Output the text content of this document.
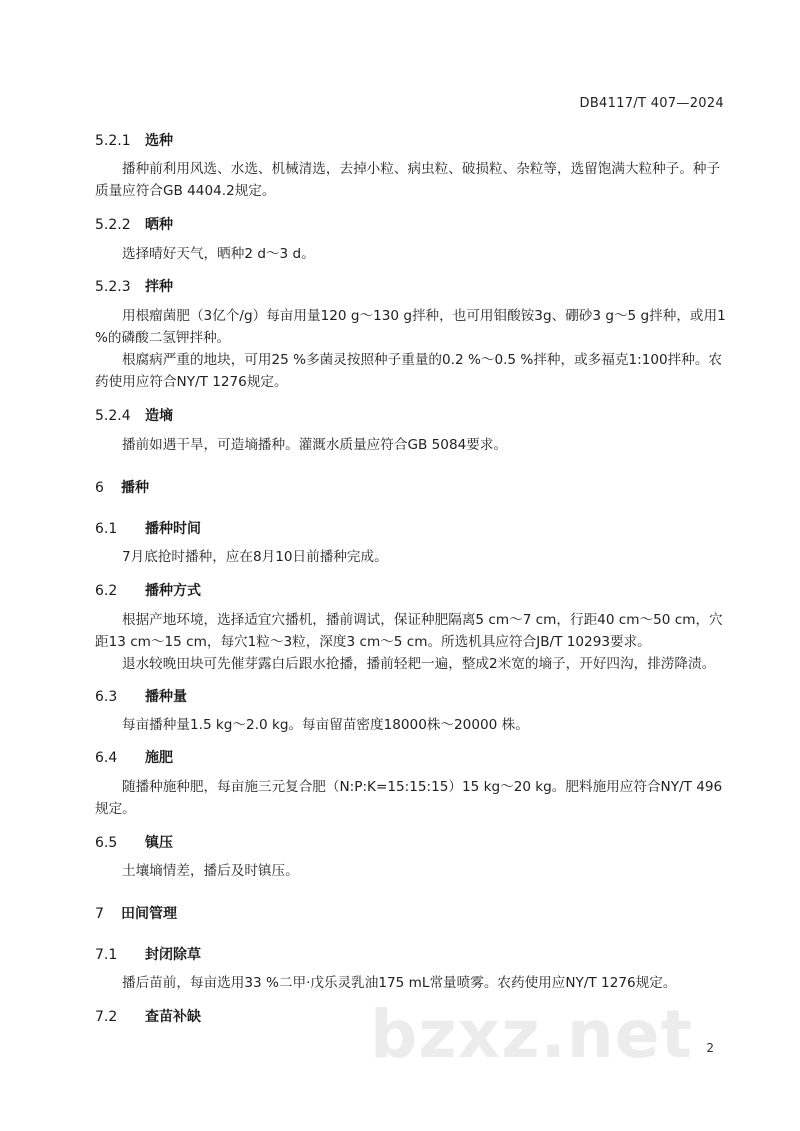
DB4117/T 407—2024
5.2.1 选种
播种前利用风选、水选、机械清选，去掉小粒、病虫粒、破损粒、杂粒等，选留饱满大粒种子。种子质量应符合GB 4404.2规定。
5.2.2 晒种
选择晴好天气，晒种2 d～3 d。
5.2.3 拌种
用根瘤菌肥（3亿个/g）每亩用量120 g～130 g拌种，也可用钼酸铵3g、硼砂3 g～5 g拌种，或用1 %的磷酸二氢钾拌种。
根腐病严重的地块，可用25 %多菌灵按照种子重量的0.2 %～0.5 %拌种，或多福克1:100拌种。农药使用应符合NY/T 1276规定。
5.2.4 造墒
播前如遇干旱，可造墒播种。灌溉水质量应符合GB 5084要求。
6 播种
6.1 播种时间
7月底抢时播种，应在8月10日前播种完成。
6.2 播种方式
根据产地环境，选择适宜穴播机，播前调试，保证种肥隔离5 cm～7 cm，行距40 cm～50 cm，穴距13 cm～15 cm，每穴1粒～3粒，深度3 cm～5 cm。所选机具应符合JB/T 10293要求。
退水较晚田块可先催芽露白后跟水抢播，播前轻耙一遍，整成2米宽的墒子，开好四沟，排涝降渍。
6.3 播种量
每亩播种量1.5 kg～2.0 kg。每亩留苗密度18000株～20000 株。
6.4 施肥
随播种施种肥，每亩施三元复合肥（N:P:K=15:15:15）15 kg～20 kg。肥料施用应符合NY/T 496规定。
6.5 镇压
土壤墒情差，播后及时镇压。
7 田间管理
7.1 封闭除草
播后苗前，每亩选用33 %二甲·戊乐灵乳油175 mL常量喷雾。农药使用应NY/T 1276规定。
7.2 查苗补缺	bzxz.net 2
